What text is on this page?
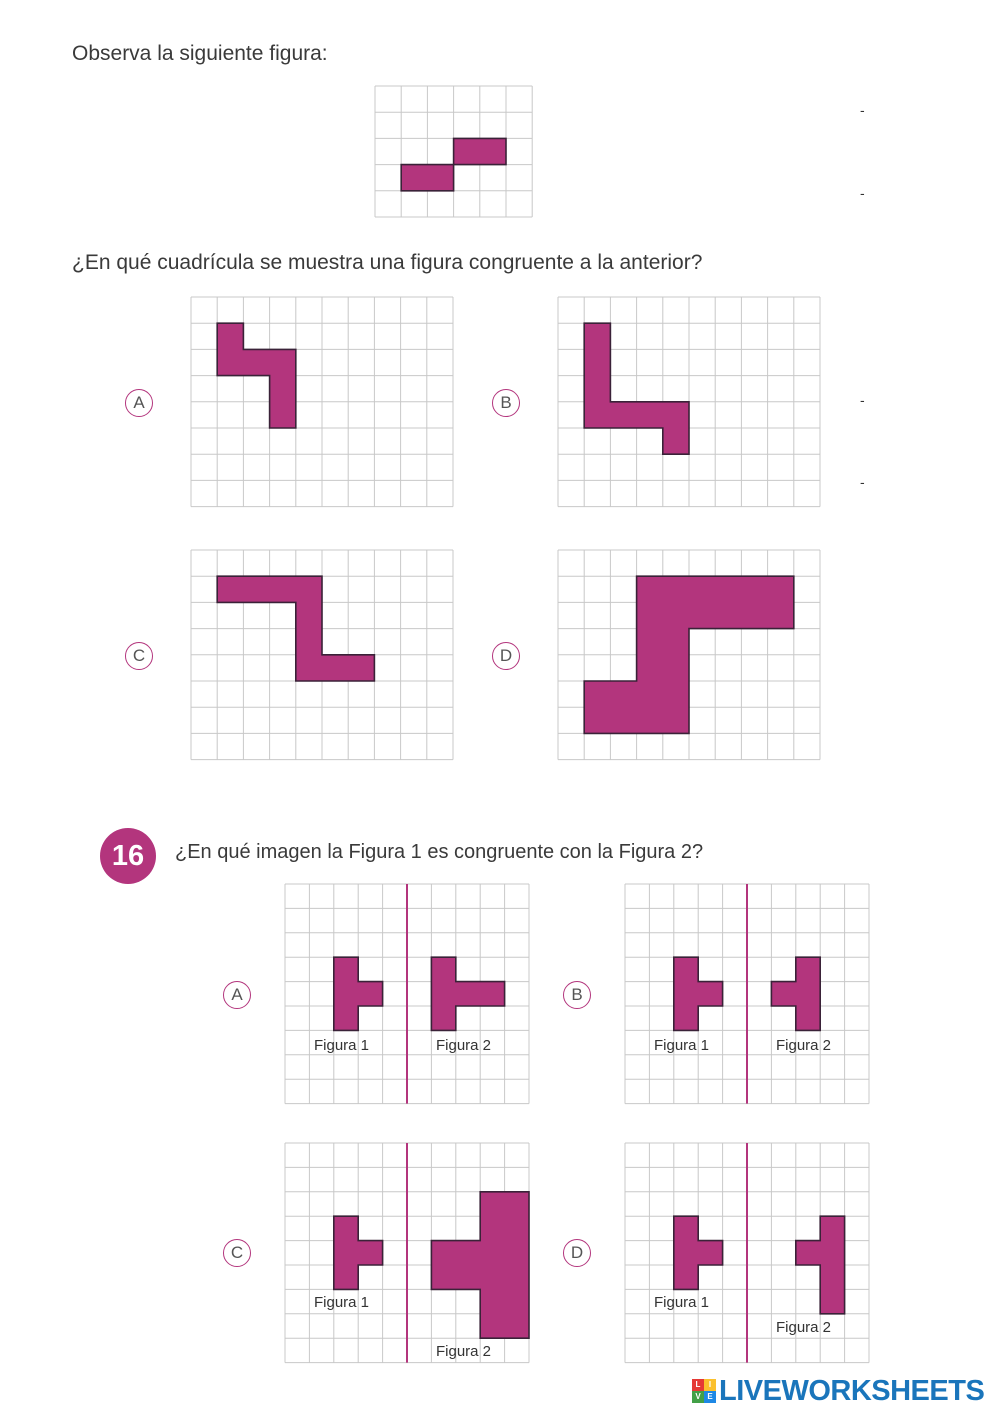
Observa la siguiente figura:
-
-
¿En qué cuadrícula se muestra una figura congruente a la anterior?
A	B	-
-
C	D
16	¿En qué imagen la Figura 1 es congruente con la Figura 2?
A
Figura 1	Figura 2
B
Figura 1	Figura 2
C
Figura 1
Figura 2
D
Figura 1
Figura 2
L	I
V E LIVEWORKSHEETS
